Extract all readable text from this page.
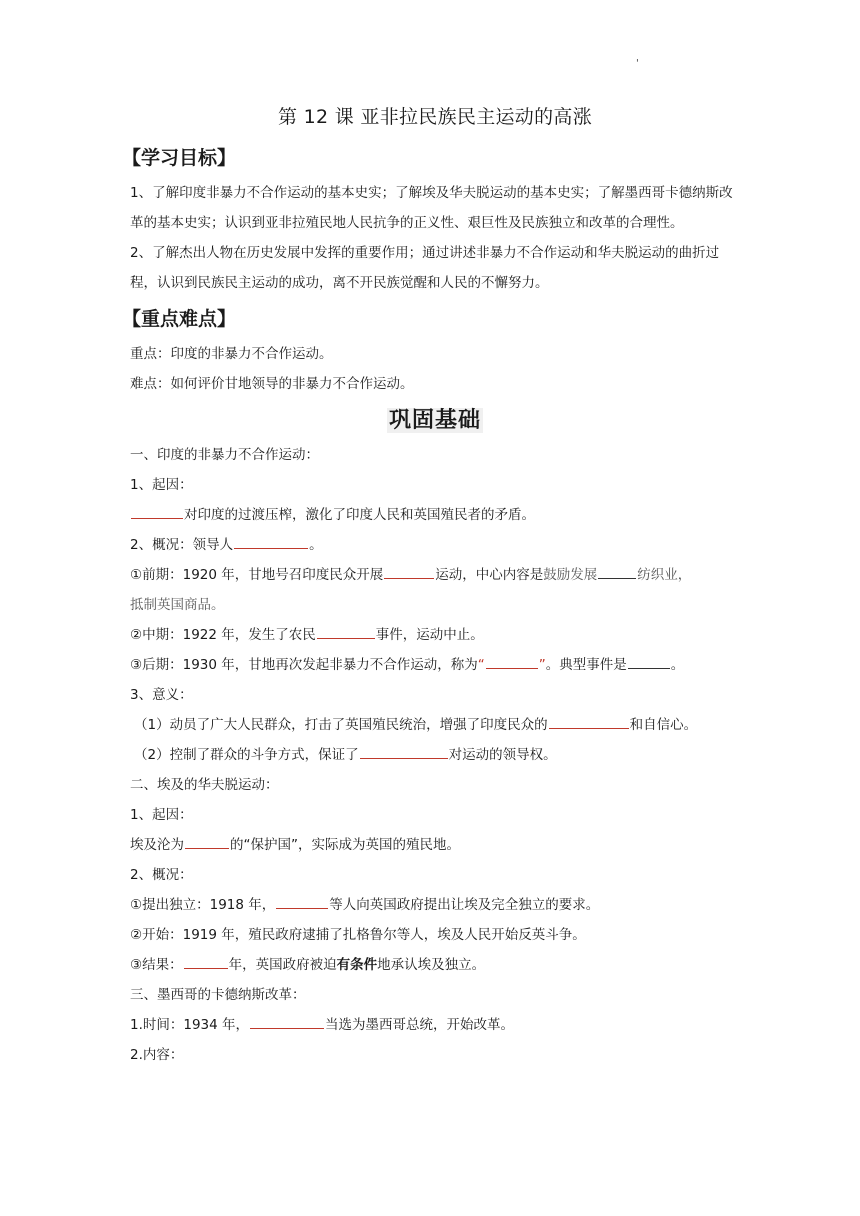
'
第 12 课 亚非拉民族民主运动的高涨
【学习目标】

1、了解印度非暴力不合作运动的基本史实；了解埃及华夫脱运动的基本史实；了解墨西哥卡德纳斯改革的基本史实；认识到亚非拉殖民地人民抗争的正义性、艰巨性及民族独立和改革的合理性。

2、了解杰出人物在历史发展中发挥的重要作用；通过讲述非暴力不合作运动和华夫脱运动的曲折过程，认识到民族民主运动的成功，离不开民族觉醒和人民的不懈努力。

【重点难点】

重点：印度的非暴力不合作运动。

难点：如何评价甘地领导的非暴力不合作运动。

巩固基础

一、印度的非暴力不合作运动：

1、起因：

对印度的过渡压榨，激化了印度人民和英国殖民者的矛盾。

2、概况：领导人	。

①前期：1920 年，甘地号召印度民众开展	运动，中心内容是鼓励发展	纺织业，
抵制英国商品。

②中期：1922 年，发生了农民	事件，运动中止。

③后期：1930 年，甘地再次发起非暴力不合作运动，称为“	”。典型事件是	。

3、意义：

（1）动员了广大人民群众，打击了英国殖民统治，增强了印度民众的	和自信心。

（2）控制了群众的斗争方式，保证了	对运动的领导权。

二、埃及的华夫脱运动：

1、起因：

埃及沦为	的“保护国”，实际成为英国的殖民地。

2、概况：

①提出独立：1918 年，	等人向英国政府提出让埃及完全独立的要求。

②开始：1919 年，殖民政府逮捕了扎格鲁尔等人，埃及人民开始反英斗争。

③结果：	年，英国政府被迫有条件地承认埃及独立。

三、墨西哥的卡德纳斯改革：

1.时间：1934 年，	当选为墨西哥总统，开始改革。

2.内容：
